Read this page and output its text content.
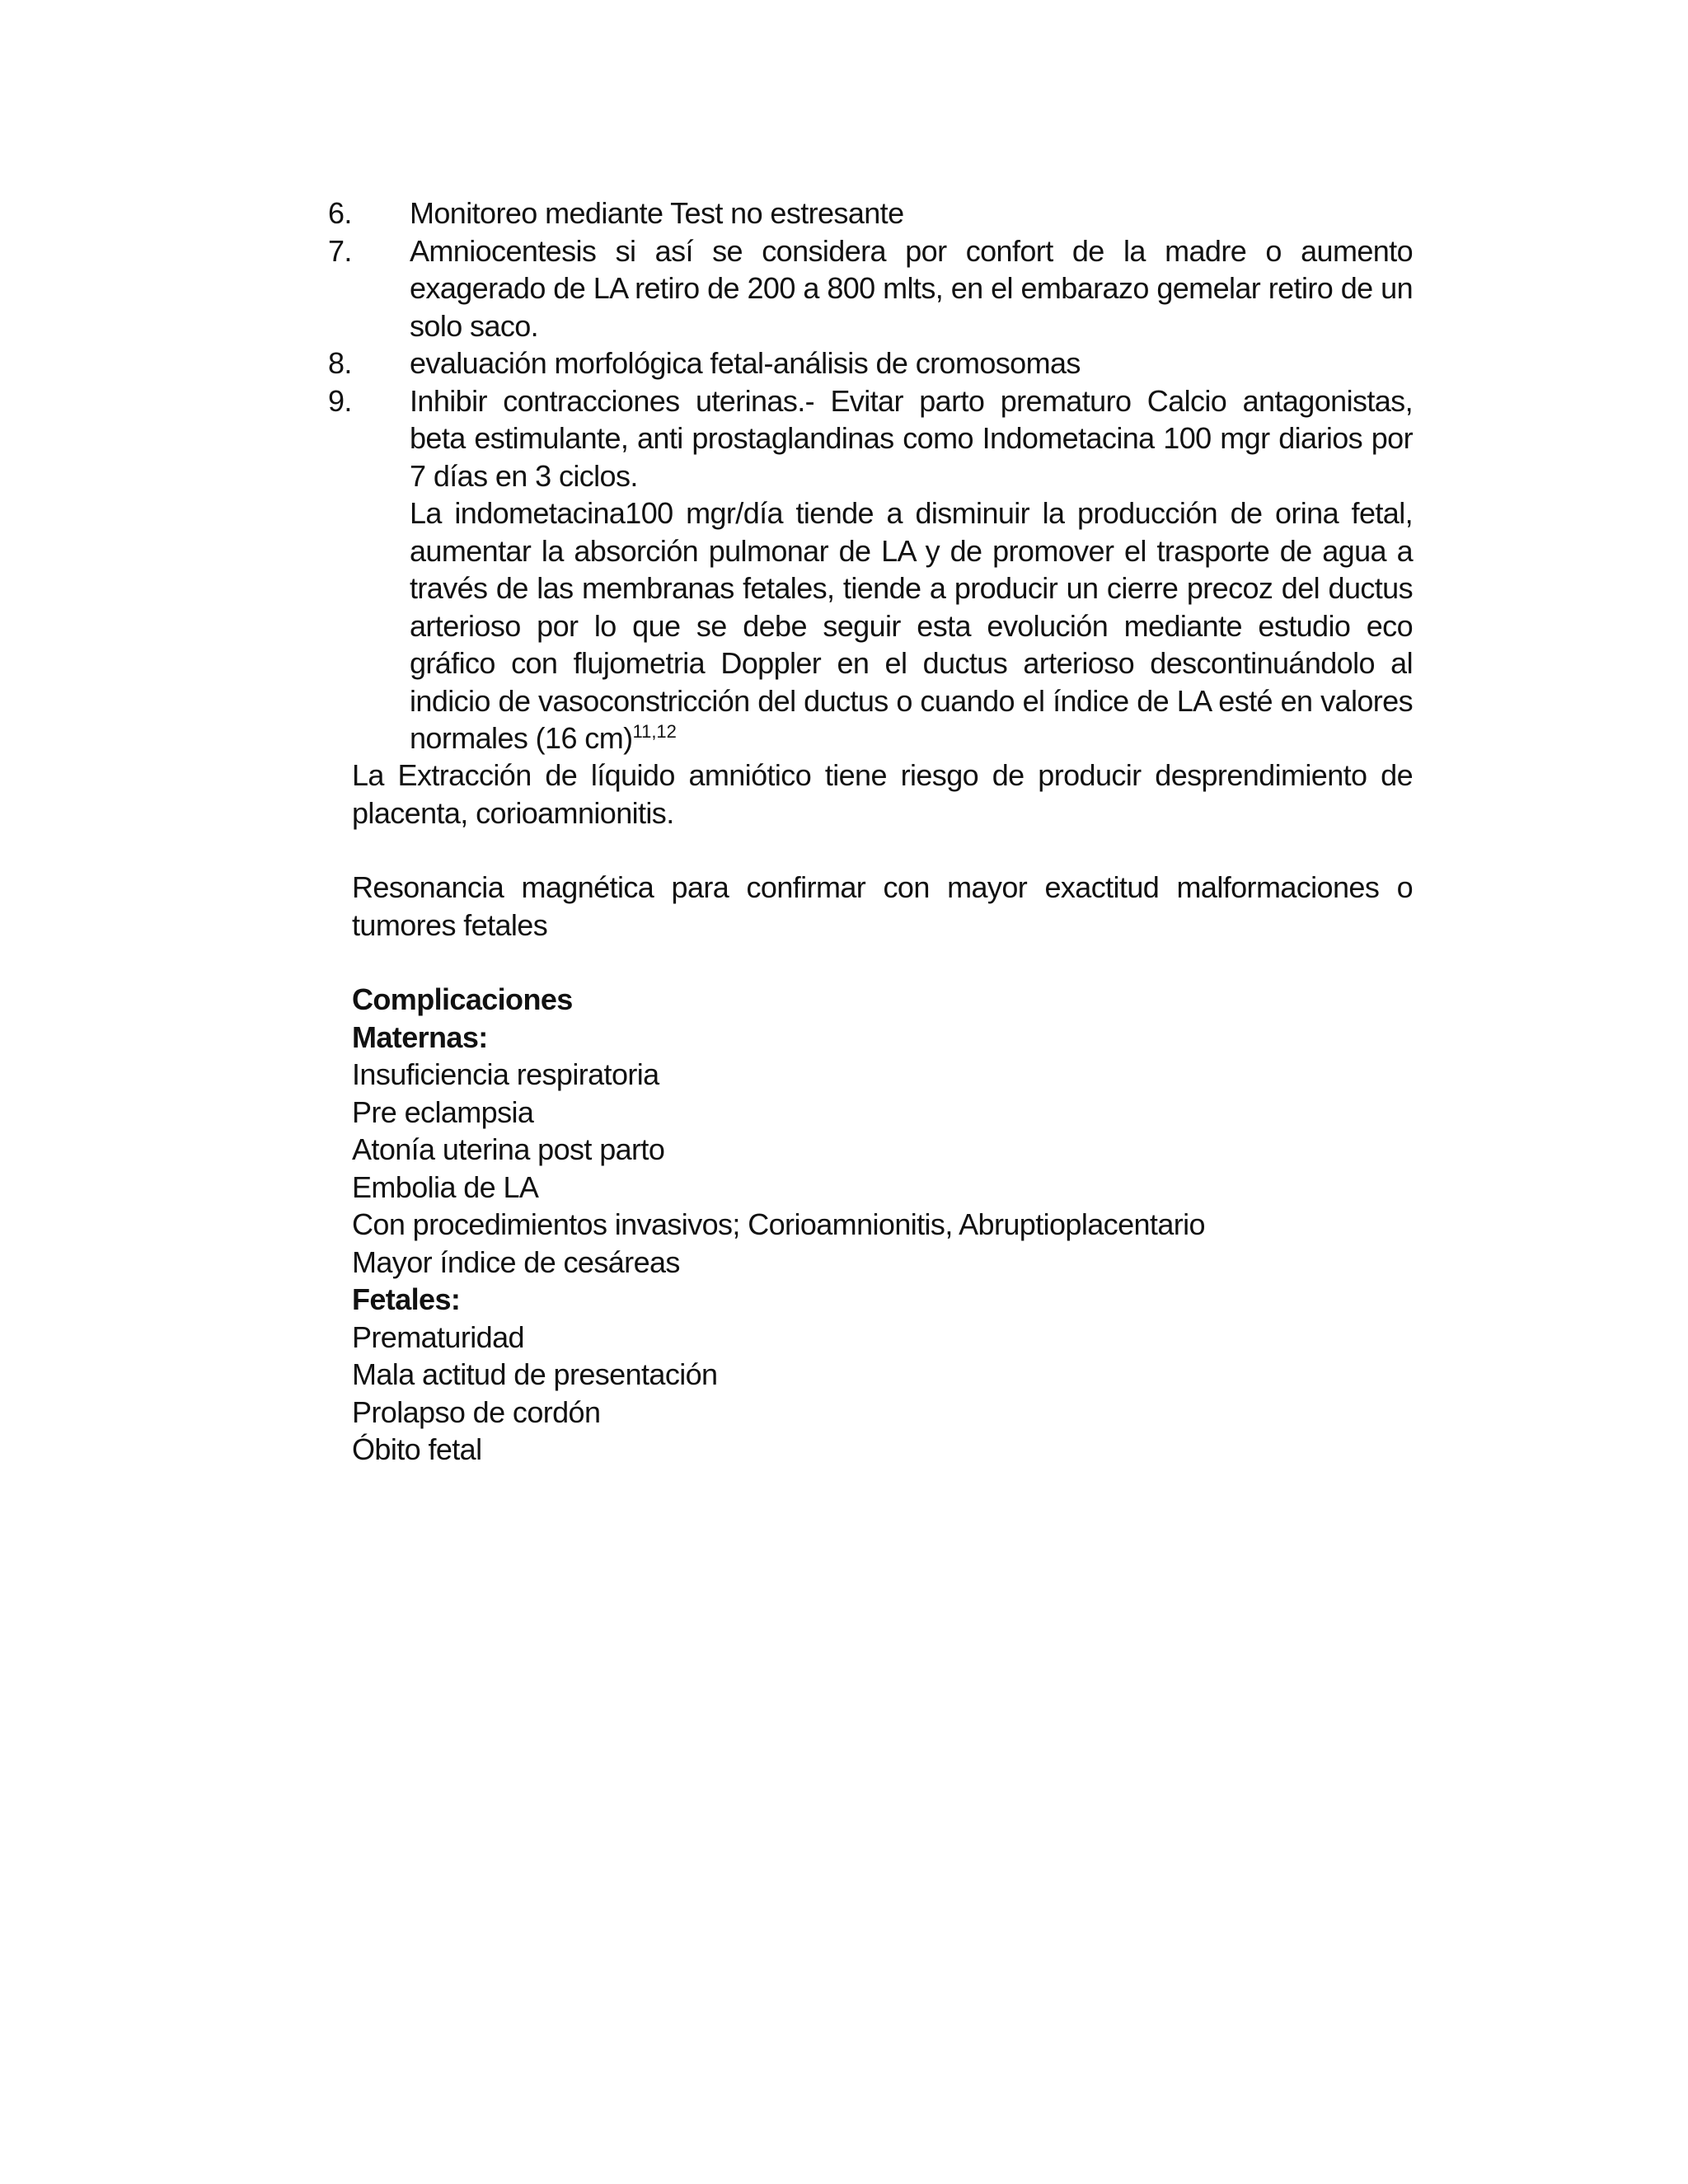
6. Monitoreo mediante Test no estresante
7. Amniocentesis si así se considera por confort de la madre o aumento exagerado de LA retiro de 200 a 800 mlts, en el embarazo gemelar retiro de un solo saco.
8. evaluación morfológica fetal-análisis de cromosomas
9. Inhibir contracciones uterinas.- Evitar parto prematuro Calcio antagonistas, beta estimulante, anti prostaglandinas como Indometacina 100 mgr diarios por 7 días en 3 ciclos.
La indometacina100 mgr/día tiende a disminuir la producción de orina fetal, aumentar la absorción pulmonar de LA y de promover el trasporte de agua a través de las membranas fetales, tiende a producir un cierre precoz del ductus arterioso por lo que se debe seguir esta evolución mediante estudio eco gráfico con flujometria Doppler en el ductus arterioso descontinuándolo al indicio de vasoconstricción del ductus o cuando el índice de LA esté en valores normales (16 cm)$^{11,12}$
La Extracción de líquido amniótico tiene riesgo de producir desprendimiento de placenta, corioamnionitis.
Resonancia magnética para confirmar con mayor exactitud malformaciones o tumores fetales
Complicaciones
Maternas:
Insuficiencia respiratoria
Pre eclampsia
Atonía uterina post parto
Embolia de LA
Con procedimientos invasivos; Corioamnionitis, Abruptioplacentario
Mayor índice de cesáreas
Fetales:
Prematuridad
Mala actitud de presentación
Prolapso de cordón
Óbito fetal
